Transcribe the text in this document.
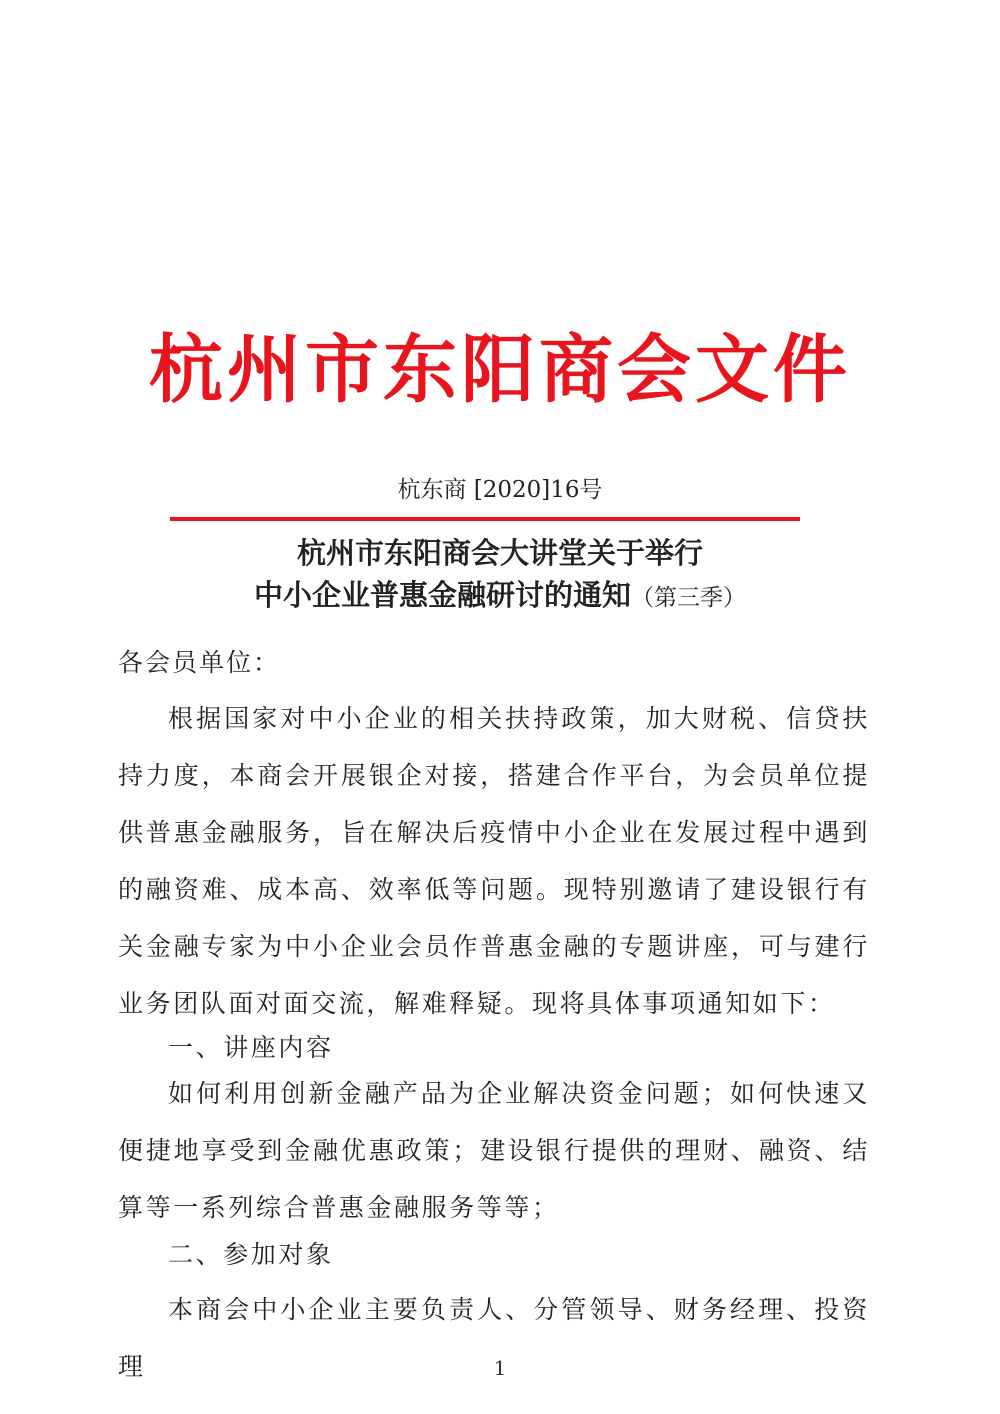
杭州市东阳商会文件
杭东商 [2020]16号
杭州市东阳商会大讲堂关于举行
中小企业普惠金融研讨的通知（第三季）
各会员单位：
根据国家对中小企业的相关扶持政策，加大财税、信贷扶持力度，本商会开展银企对接，搭建合作平台，为会员单位提供普惠金融服务，旨在解决后疫情中小企业在发展过程中遇到的融资难、成本高、效率低等问题。现特别邀请了建设银行有关金融专家为中小企业会员作普惠金融的专题讲座，可与建行业务团队面对面交流，解难释疑。现将具体事项通知如下：
一、讲座内容
如何利用创新金融产品为企业解决资金问题；如何快速又便捷地享受到金融优惠政策；建设银行提供的理财、融资、结算等一系列综合普惠金融服务等等；
二、参加对象
本商会中小企业主要负责人、分管领导、财务经理、投资理	1
